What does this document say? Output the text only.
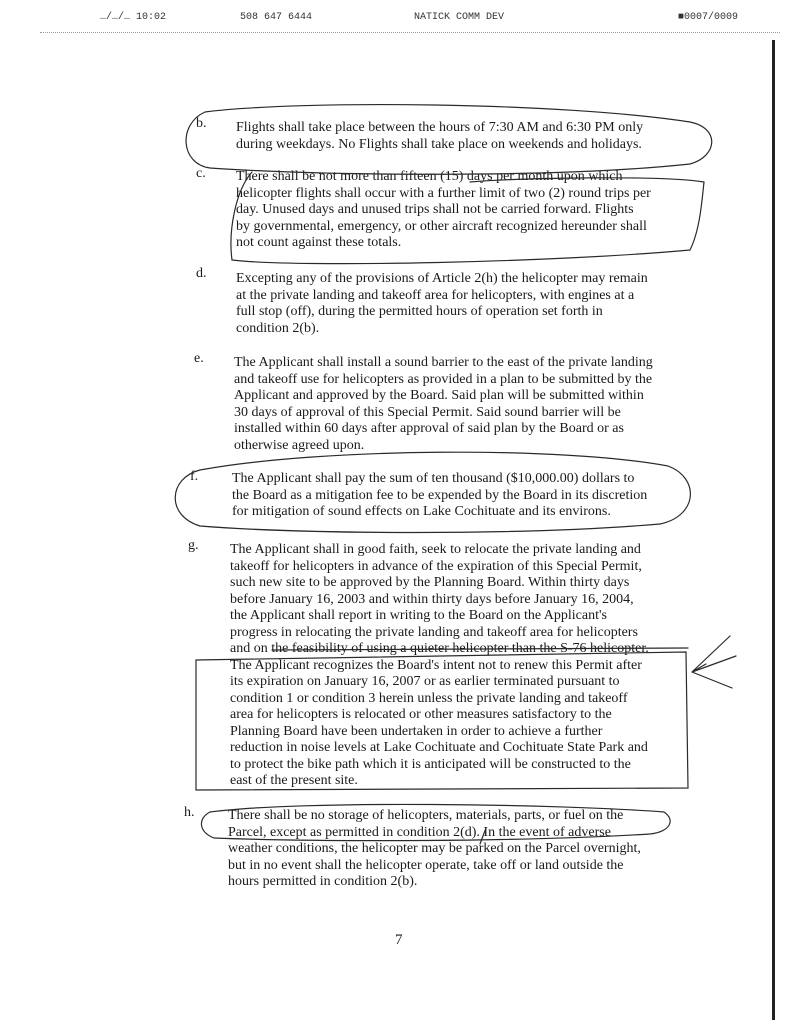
…/…/… 10:02	508 647 6444	NATICK COMM DEV	■0007/0009
b. Flights shall take place between the hours of 7:30 AM and 6:30 PM only
during weekdays. No Flights shall take place on weekends and holidays.
c. There shall be not more than fifteen (15) days per month upon which
helicopter flights shall occur with a further limit of two (2) round trips per
day. Unused days and unused trips shall not be carried forward. Flights
by governmental, emergency, or other aircraft recognized hereunder shall
not count against these totals.
d. Excepting any of the provisions of Article 2(h) the helicopter may remain
at the private landing and takeoff area for helicopters, with engines at a
full stop (off), during the permitted hours of operation set forth in
condition 2(b).
e. The Applicant shall install a sound barrier to the east of the private landing
and takeoff use for helicopters as provided in a plan to be submitted by the
Applicant and approved by the Board. Said plan will be submitted within
30 days of approval of this Special Permit. Said sound barrier will be
installed within 60 days after approval of said plan by the Board or as
otherwise agreed upon.
f. The Applicant shall pay the sum of ten thousand ($10,000.00) dollars to
the Board as a mitigation fee to be expended by the Board in its discretion
for mitigation of sound effects on Lake Cochituate and its environs.
g. The Applicant shall in good faith, seek to relocate the private landing and
takeoff for helicopters in advance of the expiration of this Special Permit,
such new site to be approved by the Planning Board. Within thirty days
before January 16, 2003 and within thirty days before January 16, 2004,
the Applicant shall report in writing to the Board on the Applicant's
progress in relocating the private landing and takeoff area for helicopters
and on the feasibility of using a quieter helicopter than the S-76 helicopter.
The Applicant recognizes the Board's intent not to renew this Permit after
its expiration on January 16, 2007 or as earlier terminated pursuant to
condition 1 or condition 3 herein unless the private landing and takeoff
area for helicopters is relocated or other measures satisfactory to the
Planning Board have been undertaken in order to achieve a further
reduction in noise levels at Lake Cochituate and Cochituate State Park and
to protect the bike path which it is anticipated will be constructed to the
east of the present site.
h. There shall be no storage of helicopters, materials, parts, or fuel on the
Parcel, except as permitted in condition 2(d). In the event of adverse
weather conditions, the helicopter may be parked on the Parcel overnight,
but in no event shall the helicopter operate, take off or land outside the
hours permitted in condition 2(b).
7
